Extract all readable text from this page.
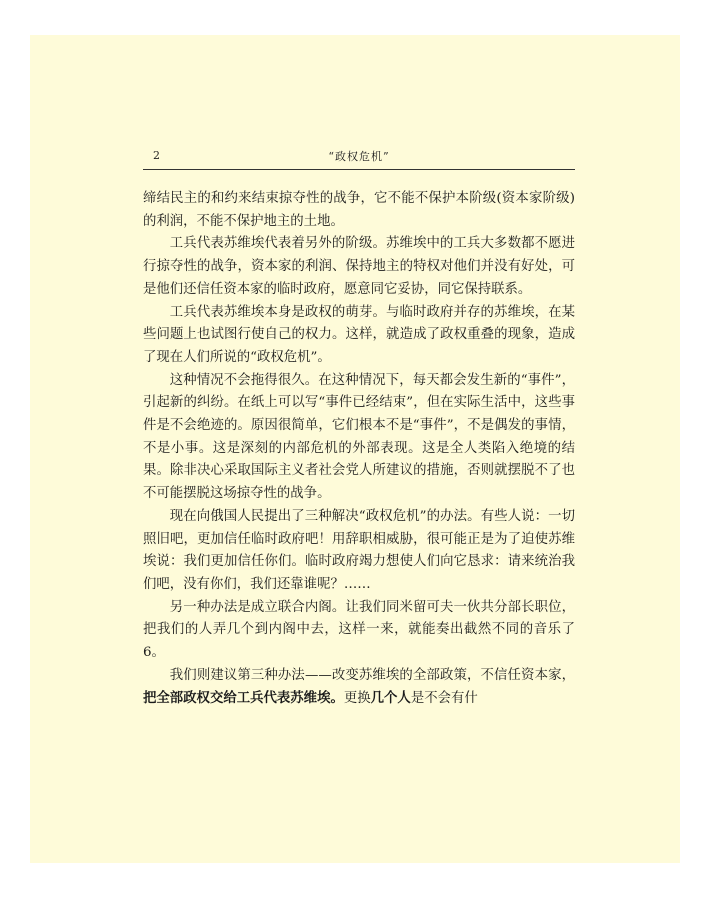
2	“政权危机”

缔结民主的和约来结束掠夺性的战争，它不能不保护本阶级(资本家阶级)的利润，不能不保护地主的土地。

工兵代表苏维埃代表着另外的阶级。苏维埃中的工兵大多数都不愿进行掠夺性的战争，资本家的利润、保持地主的特权对他们并没有好处，可是他们还信任资本家的临时政府，愿意同它妥协，同它保持联系。

工兵代表苏维埃本身是政权的萌芽。与临时政府并存的苏维埃，在某些问题上也试图行使自己的权力。这样，就造成了政权重叠的现象，造成了现在人们所说的“政权危机”。

这种情况不会拖得很久。在这种情况下，每天都会发生新的“事件”，引起新的纠纷。在纸上可以写“事件已经结束”，但在实际生活中，这些事件是不会绝迹的。原因很简单，它们根本不是“事件”，不是偶发的事情，不是小事。这是深刻的内部危机的外部表现。这是全人类陷入绝境的结果。除非决心采取国际主义者社会党人所建议的措施，否则就摆脱不了也不可能摆脱这场掠夺性的战争。

现在向俄国人民提出了三种解决“政权危机”的办法。有些人说：一切照旧吧，更加信任临时政府吧！用辞职相威胁，很可能正是为了迫使苏维埃说：我们更加信任你们。临时政府竭力想使人们向它恳求：请来统治我们吧，没有你们，我们还靠谁呢？……

另一种办法是成立联合内阁。让我们同米留可夫一伙共分部长职位，把我们的人弄几个到内阁中去，这样一来，就能奏出截然不同的音乐了 6。

我们则建议第三种办法——改变苏维埃的全部政策，不信任资本家，把全部政权交给工兵代表苏维埃。更换几个人是不会有什
